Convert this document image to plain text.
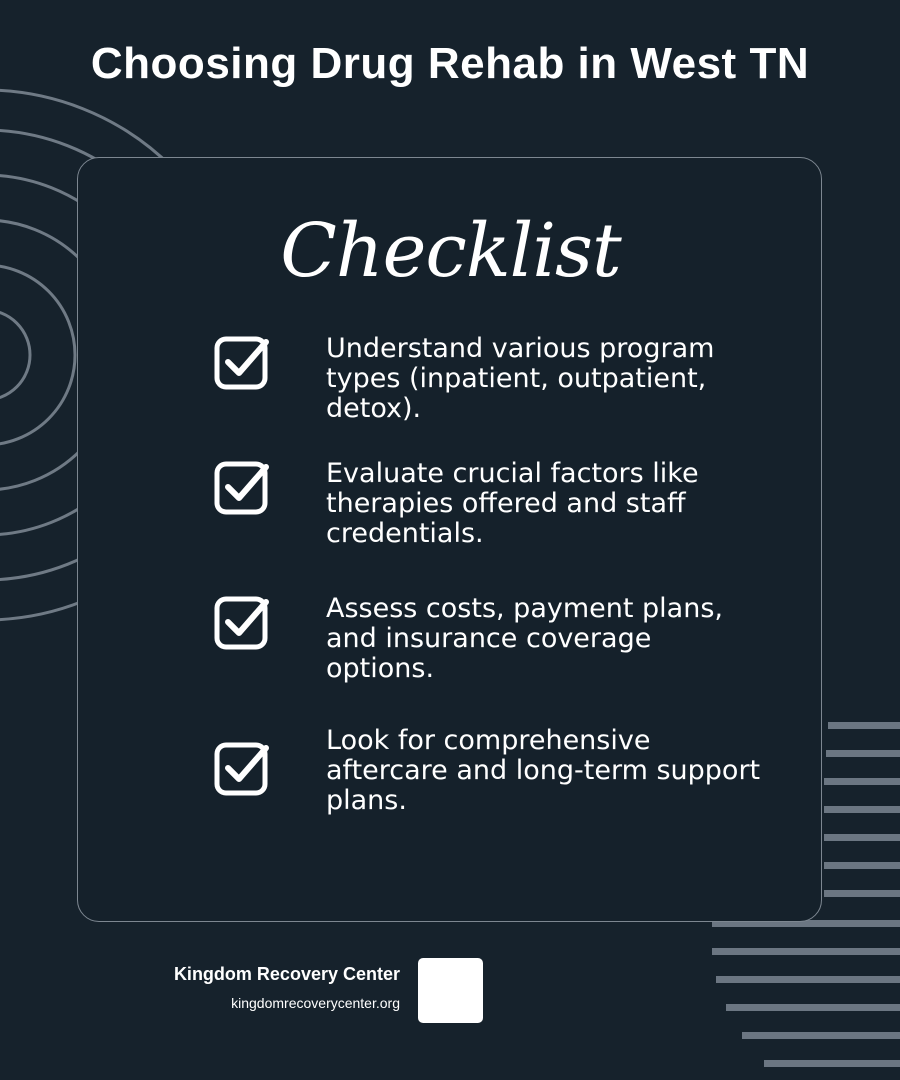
Choosing Drug Rehab in West TN
Checklist

Understand various program types (inpatient, outpatient, detox).

Evaluate crucial factors like therapies offered and staff credentials.

Assess costs, payment plans, and insurance coverage options.

Look for comprehensive aftercare and long-term support plans.

Kingdom Recovery Center
kingdomrecoverycenter.org
